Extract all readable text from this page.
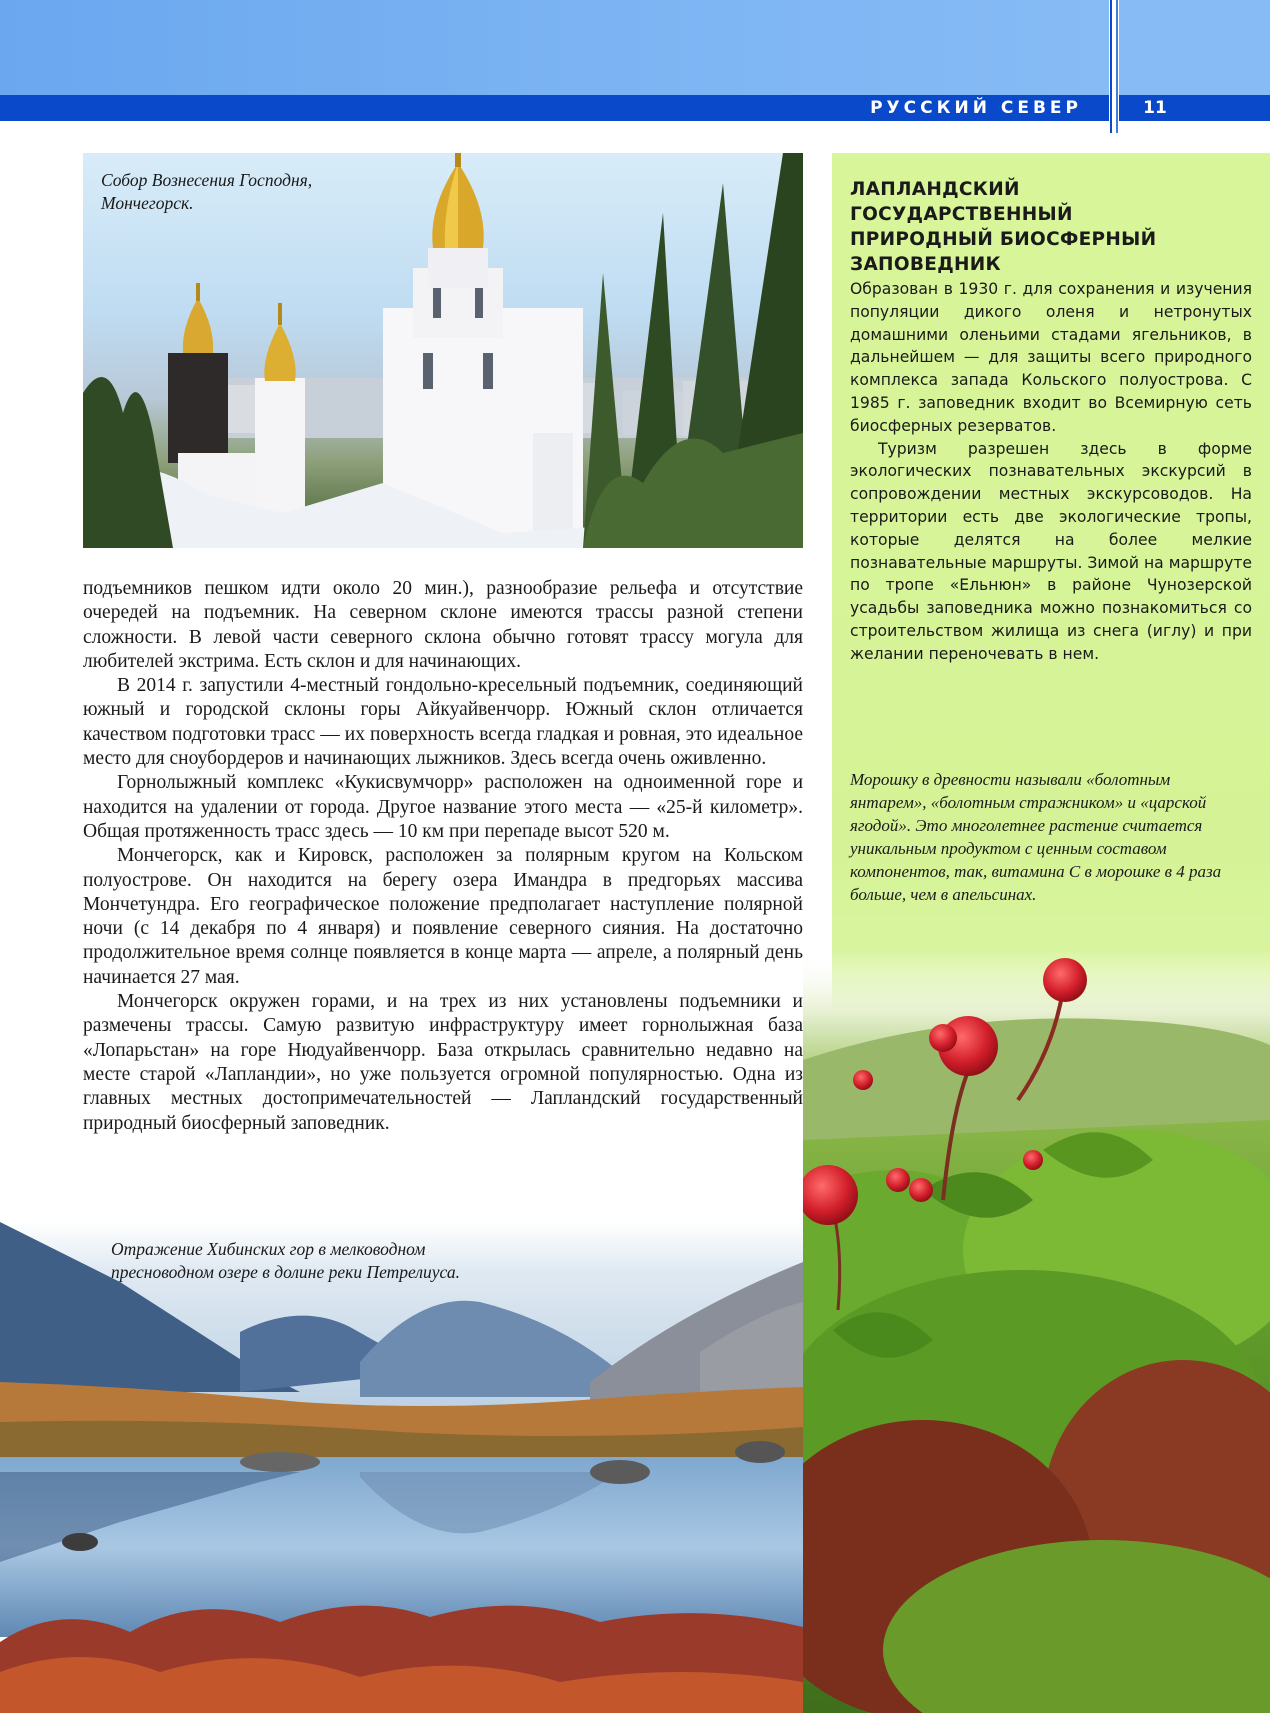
РУССКИЙ СЕВЕР	11
Собор Вознесения Господня,
Мончегорск.

подъемников пешком идти около 20 мин.), разнообразие рельефа и отсутствие очередей на подъемник. На северном склоне имеются трассы разной степени сложности. В левой части северного склона обычно готовят трассу могула для любителей экстрима. Есть склон и для начинающих.

В 2014 г. запустили 4-местный гондольно-кресельный подъемник, соединяющий южный и городской склоны горы Айкуайвенчорр. Южный склон отличается качеством подготовки трасс — их поверхность всегда гладкая и ровная, это идеальное место для сноубордеров и начинающих лыжников. Здесь всегда очень оживленно.

Горнолыжный комплекс «Кукисвумчорр» расположен на одноименной горе и находится на удалении от города. Другое название этого места — «25-й километр». Общая протяженность трасс здесь — 10 км при перепаде высот 520 м.

Мончегорск, как и Кировск, расположен за полярным кругом на Кольском полуострове. Он находится на берегу озера Имандра в предгорьях массива Мончетундра. Его географическое положение предполагает наступление полярной ночи (с 14 декабря по 4 января) и появление северного сияния. На достаточно продолжительное время солнце появляется в конце марта — апреле, а полярный день начинается 27 мая.

Мончегорск окружен горами, и на трех из них установлены подъемники и размечены трассы. Самую развитую инфраструктуру имеет горнолыжная база «Лопарьстан» на горе Нюдуайвенчорр. База открылась сравнительно недавно на месте старой «Лапландии», но уже пользуется огромной популярностью. Одна из главных местных достопримечательностей — Лапландский государственный природный биосферный заповедник.

ЛАПЛАНДСКИЙ
ГОСУДАРСТВЕННЫЙ
ПРИРОДНЫЙ БИОСФЕРНЫЙ
ЗАПОВЕДНИК

Образован в 1930 г. для сохранения и изучения популяции дикого оленя и нетронутых домашними оленьими стадами ягельников, в дальнейшем — для защиты всего природного комплекса запада Кольского полуострова. С 1985 г. заповедник входит во Всемирную сеть биосферных резерватов.

Туризм разрешен здесь в форме экологических познавательных экскурсий в сопровождении местных экскурсоводов. На территории есть две экологические тропы, которые делятся на более мелкие познавательные маршруты. Зимой на маршруте по тропе «Ельнюн» в районе Чунозерской усадьбы заповедника можно познакомиться со строительством жилища из снега (иглу) и при желании переночевать в нем.

Морошку в древности называли «болотным янтарем», «болотным стражником» и «царской ягодой». Это многолетнее растение считается уникальным продуктом с ценным составом компонентов, так, витамина С в морошке в 4 раза больше, чем в апельсинах.
Отражение Хибинских гор в мелководном
пресноводном озере в долине реки Петрелиуса.
